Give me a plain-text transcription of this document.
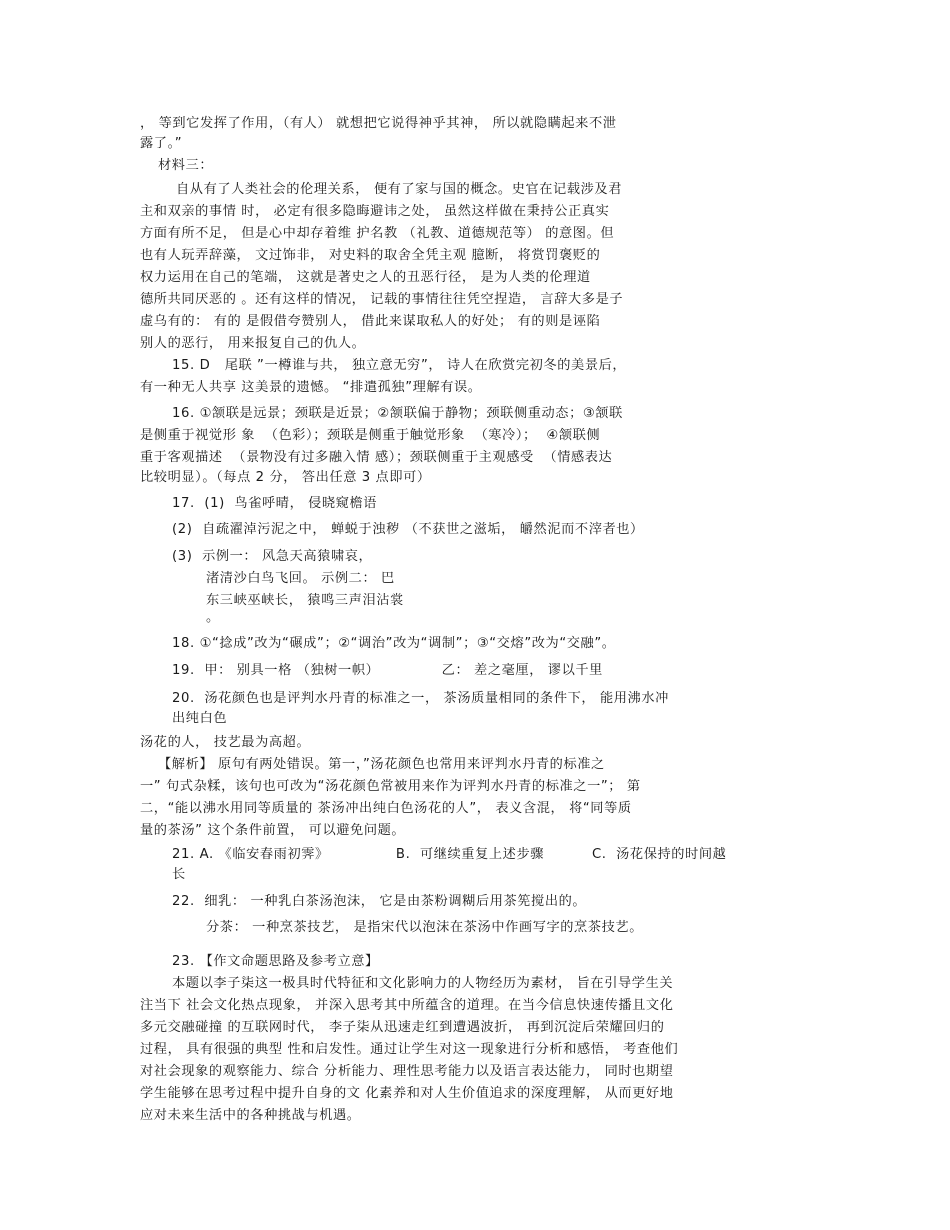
， 等到它发挥了作用，（有人） 就想把它说得神乎其神， 所以就隐瞒起来不泄
露了。”
材料三：
自从有了人类社会的伦理关系， 便有了家与国的概念。史官在记载涉及君
主和双亲的事情 时， 必定有很多隐晦避讳之处， 虽然这样做在秉持公正真实
方面有所不足， 但是心中却存着维 护名教 （礼教、道德规范等） 的意图。但
也有人玩弄辞藻， 文过饰非， 对史料的取舍全凭主观 臆断， 将赏罚褒贬的
权力运用在自己的笔端， 这就是著史之人的丑恶行径， 是为人类的伦理道
德所共同厌恶的 。还有这样的情况， 记载的事情往往凭空捏造， 言辞大多是子
虚乌有的： 有的 是假借夸赞别人， 借此来谋取私人的好处； 有的则是诬陷
别人的恶行， 用来报复自己的仇人。
15. D   尾联 ”一樽谁与共， 独立意无穷”， 诗人在欣赏完初冬的美景后，
有一种无人共享 这美景的遗憾。 “排遣孤独”理解有误。
16. ①颔联是远景；颈联是近景；②颔联偏于静物；颈联侧重动态；③颔联
是侧重于视觉形 象  （色彩）；颈联是侧重于触觉形象  （寒冷）；  ④颔联侧
重于客观描述  （景物没有过多融入情 感）；颈联侧重于主观感受  （情感表达
比较明显）。（每点 2 分， 答出任意 3 点即可）
17.  (1)  鸟雀呼晴， 侵晓窥檐语
(2)  自疏濯淖污泥之中， 蝉蜕于浊秽 （不获世之滋垢， 皭然泥而不滓者也）
(3)  示例一： 风急天高猿啸哀，
渚清沙白鸟飞回。 示例二： 巴
东三峡巫峡长， 猿鸣三声泪沾裳
。
18. ①“捻成”改为“碾成”；②“调治”改为“调制”；③“交熔”改为“交融”。
19.  甲： 别具一格 （独树一帜）             乙： 差之毫厘， 谬以千里
20.  汤花颜色也是评判水丹青的标准之一， 茶汤质量相同的条件下， 能用沸水冲
出纯白色
汤花的人， 技艺最为高超。
【解析】 原句有两处错误。第一，”汤花颜色也常用来评判水丹青的标准之
一” 句式杂糅，该句也可改为“汤花颜色常被用来作为评判水丹青的标准之一”； 第
二，“能以沸水用同等质量的 茶汤冲出纯白色汤花的人”， 表义含混， 将“同等质
量的茶汤” 这个条件前置， 可以避免问题。
21. A. 《临安春雨初霁》              B.  可继续重复上述步骤          C.  汤花保持的时间越
长
22.  细乳： 一种乳白茶汤泡沫， 它是由茶粉调糊后用茶筅搅出的。
分茶： 一种烹茶技艺， 是指宋代以泡沫在茶汤中作画写字的烹茶技艺。
23. 【作文命题思路及参考立意】
本题以李子柒这一极具时代特征和文化影响力的人物经历为素材， 旨在引导学生关
注当下 社会文化热点现象， 并深入思考其中所蕴含的道理。在当今信息快速传播且文化
多元交融碰撞 的互联网时代， 李子柒从迅速走红到遭遇波折， 再到沉淀后荣耀回归的
过程， 具有很强的典型 性和启发性。通过让学生对这一现象进行分析和感悟， 考查他们
对社会现象的观察能力、综合 分析能力、理性思考能力以及语言表达能力， 同时也期望
学生能够在思考过程中提升自身的文 化素养和对人生价值追求的深度理解， 从而更好地
应对未来生活中的各种挑战与机遇。
